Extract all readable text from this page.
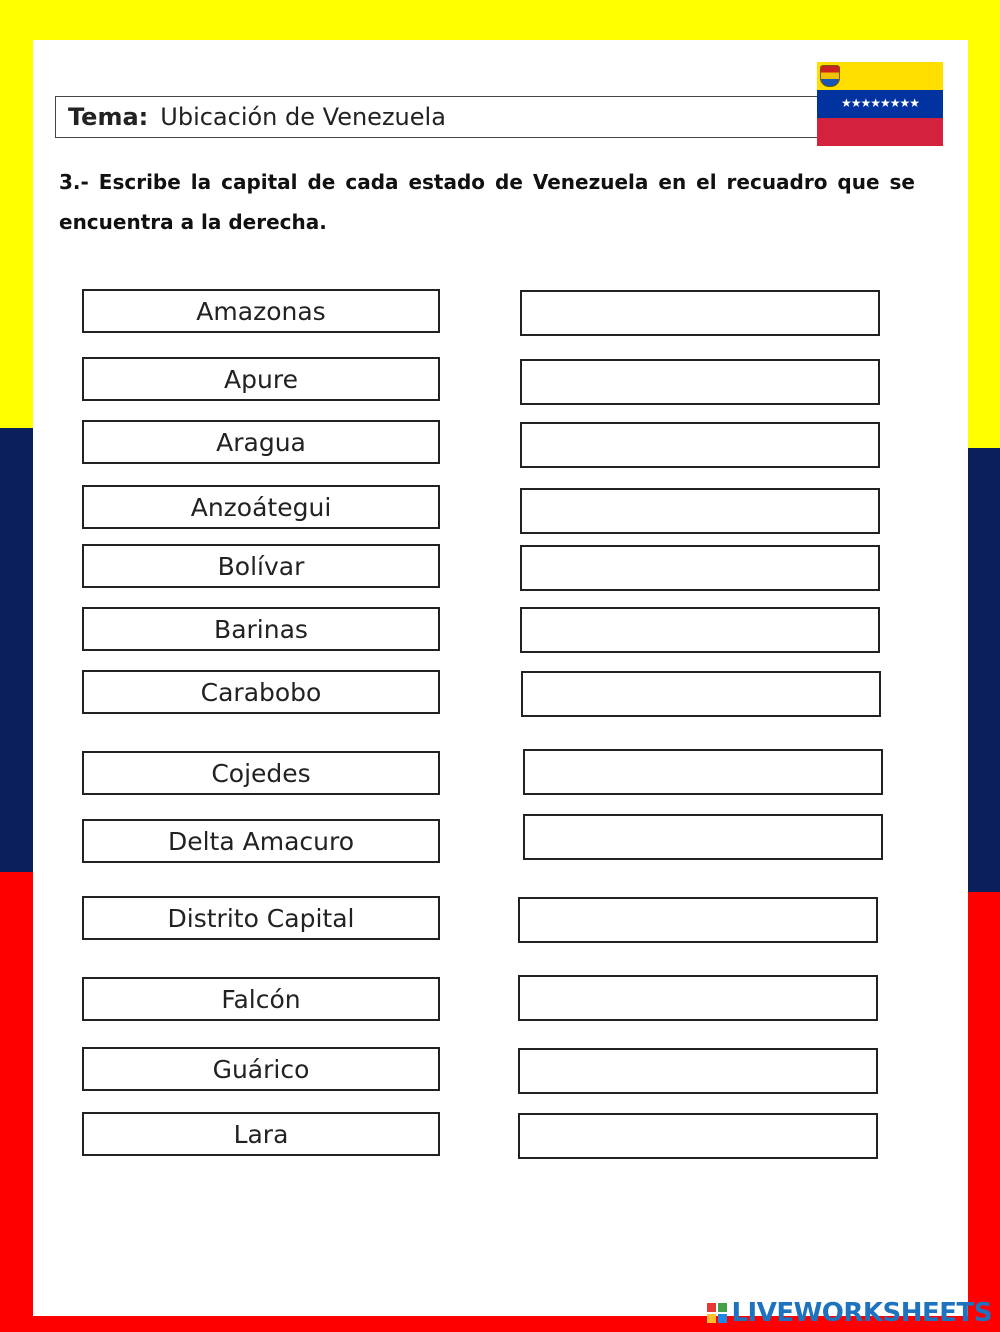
Tema: Ubicación de Venezuela	★★★★★★★★
3.- Escribe la capital de cada estado de Venezuela en el recuadro que se encuentra a la derecha.
Amazonas
Apure
Aragua
Anzoátegui
Bolívar
Barinas
Carabobo
Cojedes
Delta Amacuro
Distrito Capital
Falcón
Guárico
Lara
LIVEWORKSHEETS
